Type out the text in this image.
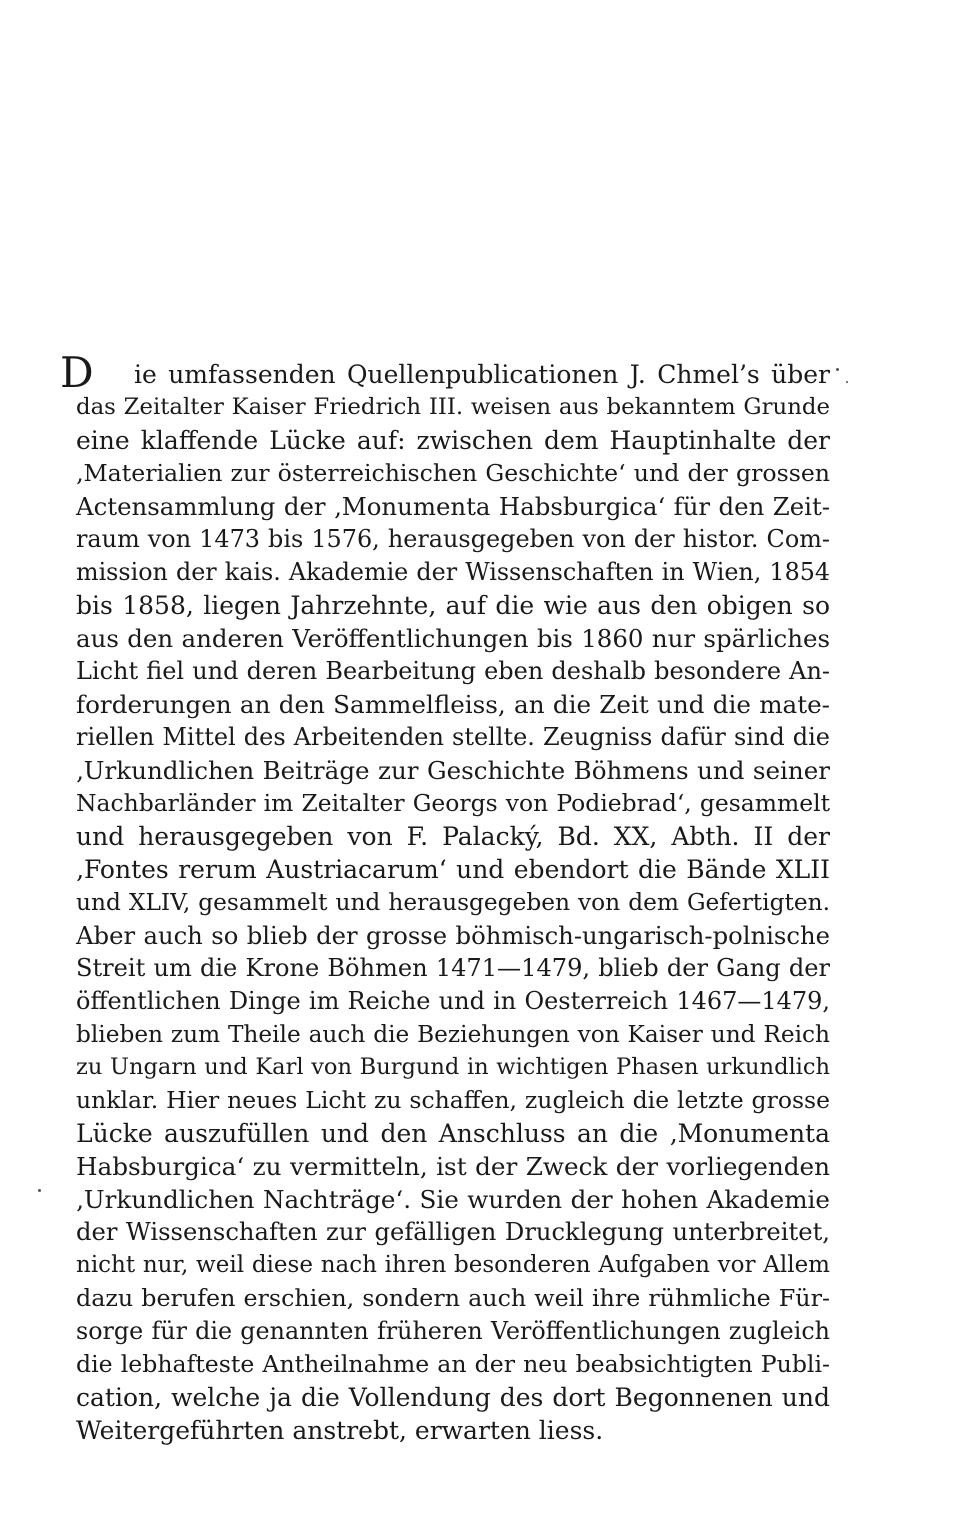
D	ie umfassenden Quellenpublicationen J. Chmel’s über
das Zeitalter Kaiser Friedrich III. weisen aus bekanntem Grunde
eine klaffende Lücke auf: zwischen dem Hauptinhalte der
‚Materialien zur österreichischen Geschichte‘ und der grossen
Actensammlung der ‚Monumenta Habsburgica‘ für den Zeit-
raum von 1473 bis 1576, herausgegeben von der histor. Com-
mission der kais. Akademie der Wissenschaften in Wien, 1854
bis 1858, liegen Jahrzehnte, auf die wie aus den obigen so
aus den anderen Veröffentlichungen bis 1860 nur spärliches
Licht fiel und deren Bearbeitung eben deshalb besondere An-
forderungen an den Sammelfleiss, an die Zeit und die mate-
riellen Mittel des Arbeitenden stellte. Zeugniss dafür sind die
‚Urkundlichen Beiträge zur Geschichte Böhmens und seiner
Nachbarländer im Zeitalter Georgs von Podiebrad‘, gesammelt
und herausgegeben von F. Palacký, Bd. XX, Abth. II der
‚Fontes rerum Austriacarum‘ und ebendort die Bände XLII
und XLIV, gesammelt und herausgegeben von dem Gefertigten.
Aber auch so blieb der grosse böhmisch-ungarisch-polnische
Streit um die Krone Böhmen 1471—1479, blieb der Gang der
öffentlichen Dinge im Reiche und in Oesterreich 1467—1479,
blieben zum Theile auch die Beziehungen von Kaiser und Reich
zu Ungarn und Karl von Burgund in wichtigen Phasen urkundlich
unklar. Hier neues Licht zu schaffen, zugleich die letzte grosse
Lücke auszufüllen und den Anschluss an die ‚Monumenta
Habsburgica‘ zu vermitteln, ist der Zweck der vorliegenden
‚Urkundlichen Nachträge‘. Sie wurden der hohen Akademie
der Wissenschaften zur gefälligen Drucklegung unterbreitet,
nicht nur, weil diese nach ihren besonderen Aufgaben vor Allem
dazu berufen erschien, sondern auch weil ihre rühmliche Für-
sorge für die genannten früheren Veröffentlichungen zugleich
die lebhafteste Antheilnahme an der neu beabsichtigten Publi-
cation, welche ja die Vollendung des dort Begonnenen und
Weitergeführten anstrebt, erwarten liess.
